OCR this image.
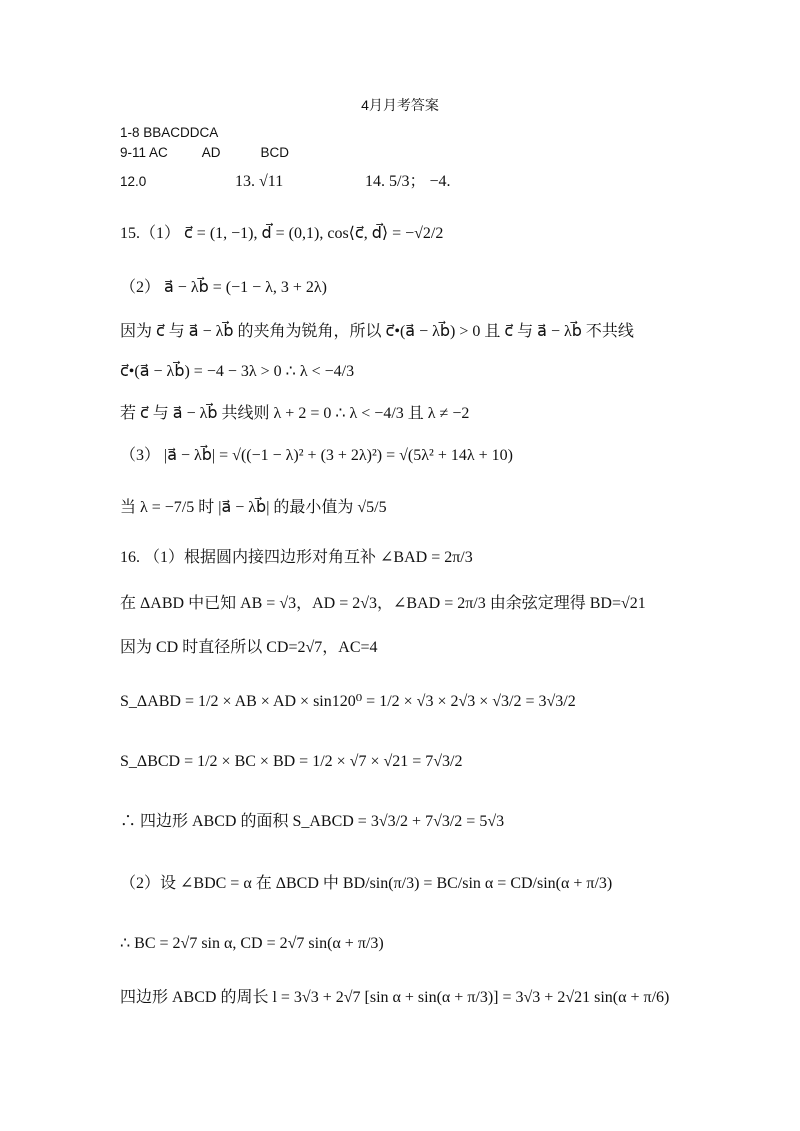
4月月考答案
1-8 BBACDDCA
9-11 AC	AD	BCD
12.0	13. √11	14. 5/3； −4.
15.（1） c⃗ = (1, −1), d⃗ = (0,1), cos⟨c⃗, d⃗⟩ = −√2/2
（2） a⃗ − λb⃗ = (−1 − λ, 3 + 2λ)
因为 c⃗ 与 a⃗ − λb⃗ 的夹角为锐角，所以 c⃗•(a⃗ − λb⃗) > 0 且 c⃗ 与 a⃗ − λb⃗ 不共线
c⃗•(a⃗ − λb⃗) = −4 − 3λ > 0 ∴ λ < −4/3
若 c⃗ 与 a⃗ − λb⃗ 共线则 λ + 2 = 0 ∴ λ < −4/3 且 λ ≠ −2
（3） |a⃗ − λb⃗| = √((−1 − λ)² + (3 + 2λ)²) = √(5λ² + 14λ + 10)
当 λ = −7/5 时 |a⃗ − λb⃗| 的最小值为 √5/5
16. （1）根据圆内接四边形对角互补 ∠BAD = 2π/3
在 ΔABD 中已知 AB = √3，AD = 2√3，∠BAD = 2π/3 由余弦定理得 BD=√21
因为 CD 时直径所以 CD=2√7，AC=4
S_ΔABD = 1/2 × AB × AD × sin120⁰ = 1/2 × √3 × 2√3 × √3/2 = 3√3/2
S_ΔBCD = 1/2 × BC × BD = 1/2 × √7 × √21 = 7√3/2
∴ 四边形 ABCD 的面积 S_ABCD = 3√3/2 + 7√3/2 = 5√3
（2）设 ∠BDC = α 在 ΔBCD 中 BD/sin(π/3) = BC/sin α = CD/sin(α + π/3)
∴ BC = 2√7 sin α, CD = 2√7 sin(α + π/3)
四边形 ABCD 的周长 l = 3√3 + 2√7 [sin α + sin(α + π/3)] = 3√3 + 2√21 sin(α + π/6)
